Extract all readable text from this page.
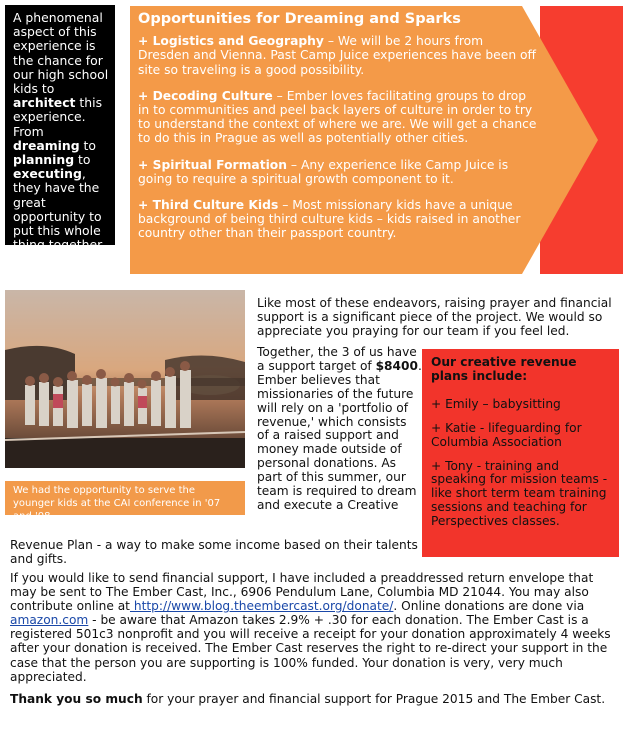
A phenomenal aspect of this experience is the chance for our high school kids to architect this experience. From dreaming to planning to executing, they have the great opportunity to put this whole thing together.
Opportunities for Dreaming and Sparks
+ Logistics and Geography – We will be 2 hours from Dresden and Vienna. Past Camp Juice experiences have been off site so traveling is a good possibility.
+ Decoding Culture – Ember loves facilitating groups to drop in to communities and peel back layers of culture in order to try to understand the context of where we are. We will get a chance to do this in Prague as well as potentially other cities.
+ Spiritual Formation – Any experience like Camp Juice is going to require a spiritual growth component to it.
+ Third Culture Kids – Most missionary kids have a unique background of being third culture kids – kids raised in another country other than their passport country.
We had the opportunity to serve the younger kids at the CAI conference in '07 and '08.
Like most of these endeavors, raising prayer and financial support is a significant piece of the project. We would so appreciate you praying for our team if you feel led.
Together, the 3 of us have a support target of $8400. Ember believes that missionaries of the future will rely on a 'portfolio of revenue,' which consists of a raised support and money made outside of personal donations. As part of this summer, our team is required to dream and execute a Creative
Revenue Plan - a way to make some income based on their talents and gifts.
Our creative revenue plans include:
+ Emily – babysitting
+ Katie - lifeguarding for Columbia Association
+ Tony - training and speaking for mission teams - like short term team training sessions and teaching for Perspectives classes.
If you would like to send financial support, I have included a preaddressed return envelope that may be sent to The Ember Cast, Inc., 6906 Pendulum Lane, Columbia MD 21044. You may also contribute online at http://www.blog.theembercast.org/donate/. Online donations are done via amazon.com - be aware that Amazon takes 2.9% + .30 for each donation. The Ember Cast is a registered 501c3 nonprofit and you will receive a receipt for your donation approximately 4 weeks after your donation is received. The Ember Cast reserves the right to re-direct your support in the case that the person you are supporting is 100% funded. Your donation is very, very much appreciated.
Thank you so much for your prayer and financial support for Prague 2015 and The Ember Cast.
